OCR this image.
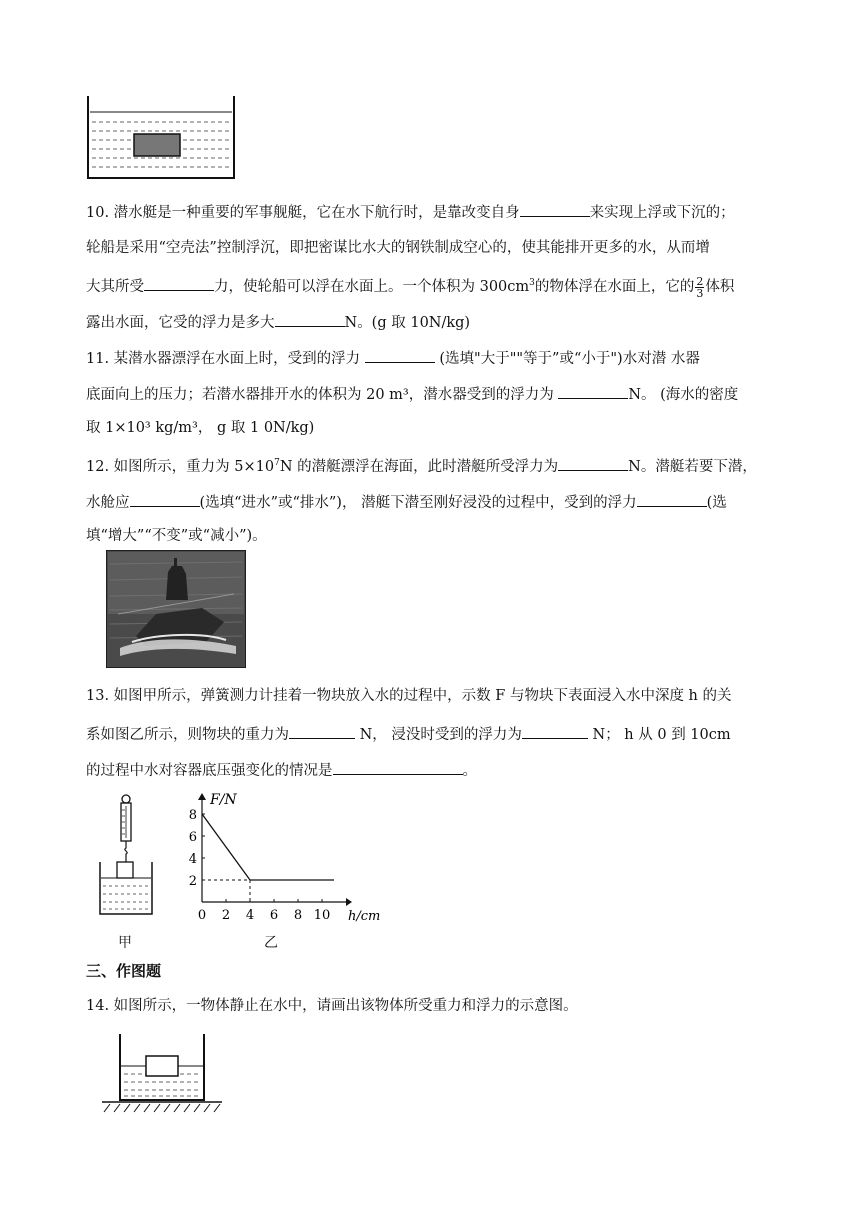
10. 潜水艇是一种重要的军事舰艇，它在水下航行时，是靠改变自身	来实现上浮或下沉的；
轮船是采用“空壳法”控制浮沉，即把密谋比水大的钢铁制成空心的，使其能排开更多的水，从而增
大其所受	力，使轮船可以浮在水面上。一个体积为 $300cm^3$的物体浮在水面上，它的 $\frac{2}{3}$ 体积
露出水面，它受的浮力是多大	N。(g 取 10N/kg)
11. 某潜水器漂浮在水面上时，受到的浮力	(选填"大于""等于”或“小于")水对潜 水器
底面向上的压力；若潜水器排开水的体积为 20 m³，潜水器受到的浮力为	N。 (海水的密度
取 1×10³ kg/m³， g 取 1 0N/kg)
12. 如图所示，重力为 $5\times 10^7N$ 的潜艇漂浮在海面，此时潜艇所受浮力为	N。潜艇若要下潜，
水舱应	(选填“进水”或“排水”)， 潜艇下潜至刚好浸没的过程中，受到的浮力	(选
填“增大”“不变”或“减小”)。
13. 如图甲所示，弹簧测力计挂着一物块放入水的过程中，示数 F 与物块下表面浸入水中深度 h 的关
系如图乙所示，则物块的重力为	N， 浸没时受到的浮力为	N； h 从 0 到 10cm
的过程中水对容器底压强变化的情况是	。
甲
F/N
h/cm
0 2 4 6 8 10
2
4
6
8
乙
三、作图题
14. 如图所示，一物体静止在水中，请画出该物体所受重力和浮力的示意图。
